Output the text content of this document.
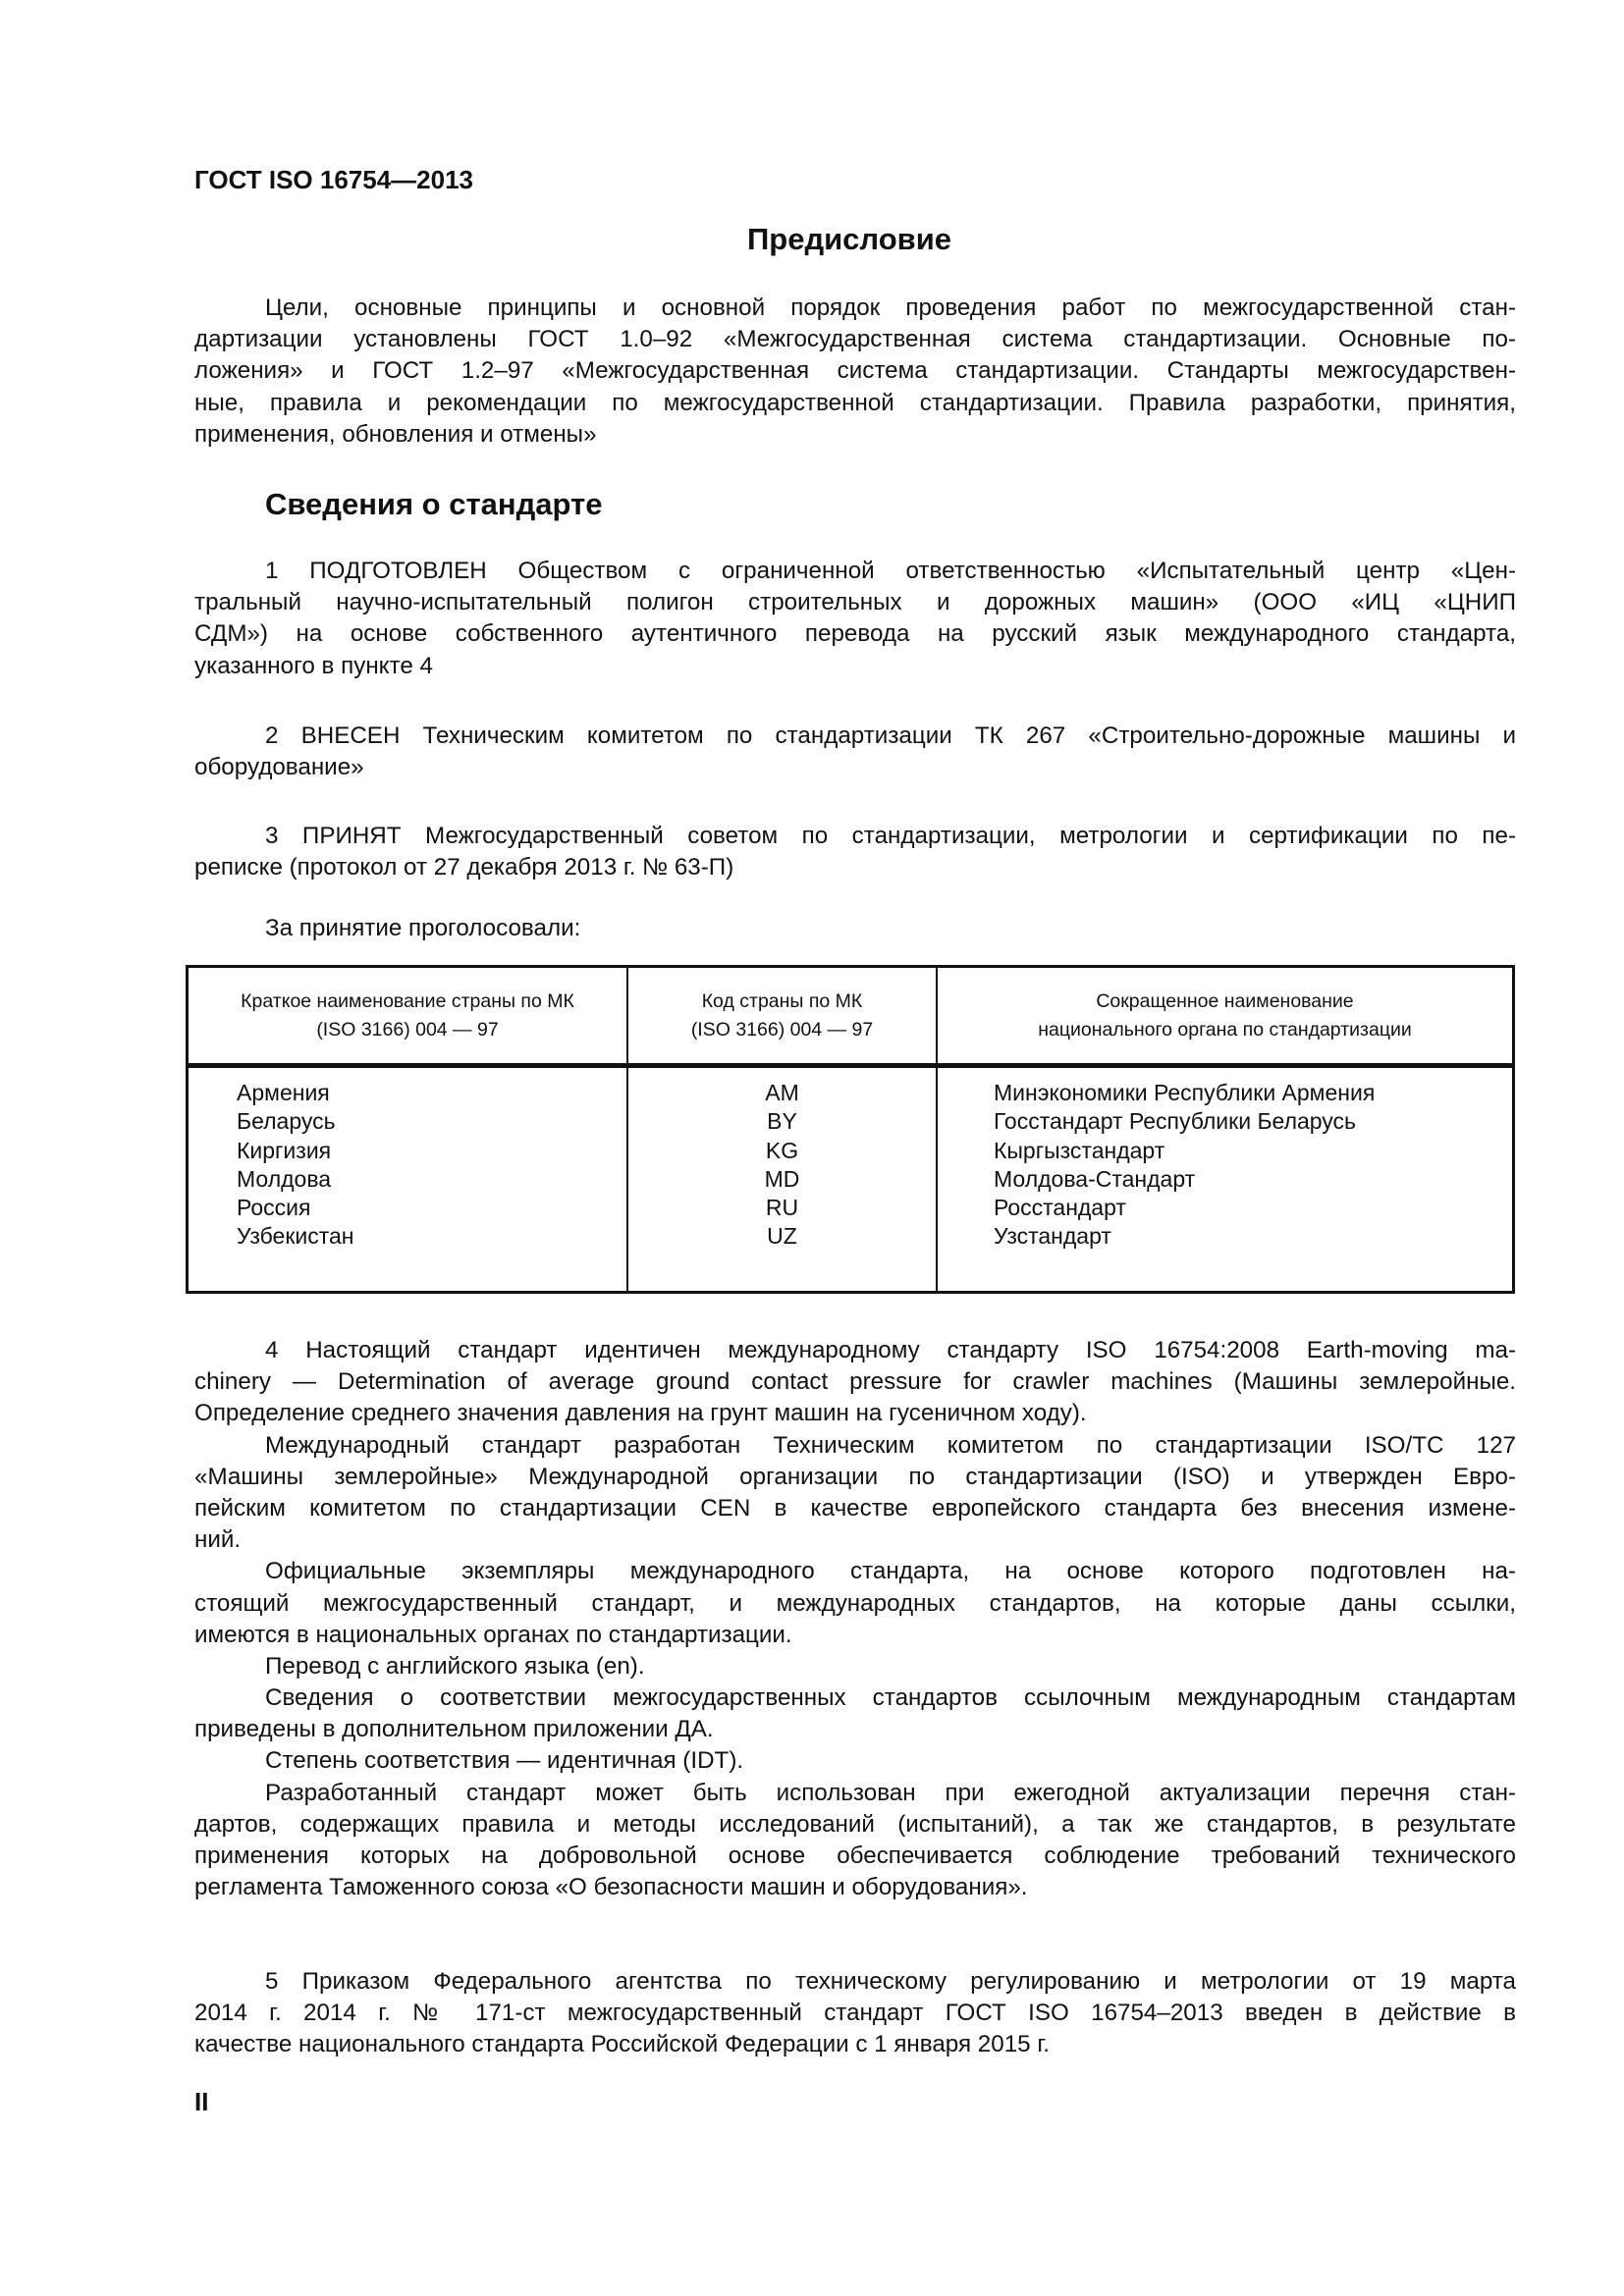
ГОСТ ISO 16754—2013
Предисловие
Цели, основные принципы и основной порядок проведения работ по межгосударственной стан-
дартизации установлены ГОСТ 1.0–92 «Межгосударственная система стандартизации. Основные по-
ложения» и ГОСТ 1.2–97 «Межгосударственная система стандартизации. Стандарты межгосударствен-
ные, правила и рекомендации по межгосударственной стандартизации. Правила разработки, принятия,
применения, обновления и отмены»
Сведения о стандарте
1 ПОДГОТОВЛЕН Обществом с ограниченной ответственностью «Испытательный центр «Цен-
тральный научно-испытательный полигон строительных и дорожных машин» (ООО «ИЦ «ЦНИП
СДМ») на основе собственного аутентичного перевода на русский язык международного стандарта,
указанного в пункте 4
2 ВНЕСЕН Техническим комитетом по стандартизации ТК 267 «Строительно-дорожные машины и
оборудование»
3 ПРИНЯТ Межгосударственный советом по стандартизации, метрологии и сертификации по пе-
реписке (протокол от 27 декабря 2013 г. № 63-П)
За принятие проголосовали:
Краткое наименование страны по МК
(ISO 3166) 004 — 97
Код страны по МК
(ISO 3166) 004 — 97
Сокращенное наименование
национального органа по стандартизации
Армения
Беларусь
Киргизия
Молдова
Россия
Узбекистан
AM
BY
KG
MD
RU
UZ
Минэкономики Республики Армения
Госстандарт Республики Беларусь
Кыргызстандарт
Молдова-Стандарт
Росстандарт
Узстандарт
4 Настоящий стандарт идентичен международному стандарту ISO 16754:2008 Earth-moving ma-
chinery — Determination of average ground contact pressure for crawler machines (Машины землеройные.
Определение среднего значения давления на грунт машин на гусеничном ходу).
Международный стандарт разработан Техническим комитетом по стандартизации ISO/TC 127
«Машины землеройные» Международной организации по стандартизации (ISO) и утвержден Евро-
пейским комитетом по стандартизации CEN в качестве европейского стандарта без внесения измене-
ний.
Официальные экземпляры международного стандарта, на основе которого подготовлен на-
стоящий межгосударственный стандарт, и международных стандартов, на которые даны ссылки,
имеются в национальных органах по стандартизации.
Перевод с английского языка (en).
Сведения о соответствии межгосударственных стандартов ссылочным международным стандартам
приведены в дополнительном приложении ДА.
Степень соответствия — идентичная (IDT).
Разработанный стандарт может быть использован при ежегодной актуализации перечня стан-
дартов, содержащих правила и методы исследований (испытаний), а так же стандартов, в результате
применения которых на добровольной основе обеспечивается соблюдение требований технического
регламента Таможенного союза «О безопасности машин и оборудования».
5 Приказом Федерального агентства по техническому регулированию и метрологии от 19 марта
2014 г. 2014 г. № 171-ст межгосударственный стандарт ГОСТ ISO 16754–2013 введен в действие в
качестве национального стандарта Российской Федерации с 1 января 2015 г.
II
